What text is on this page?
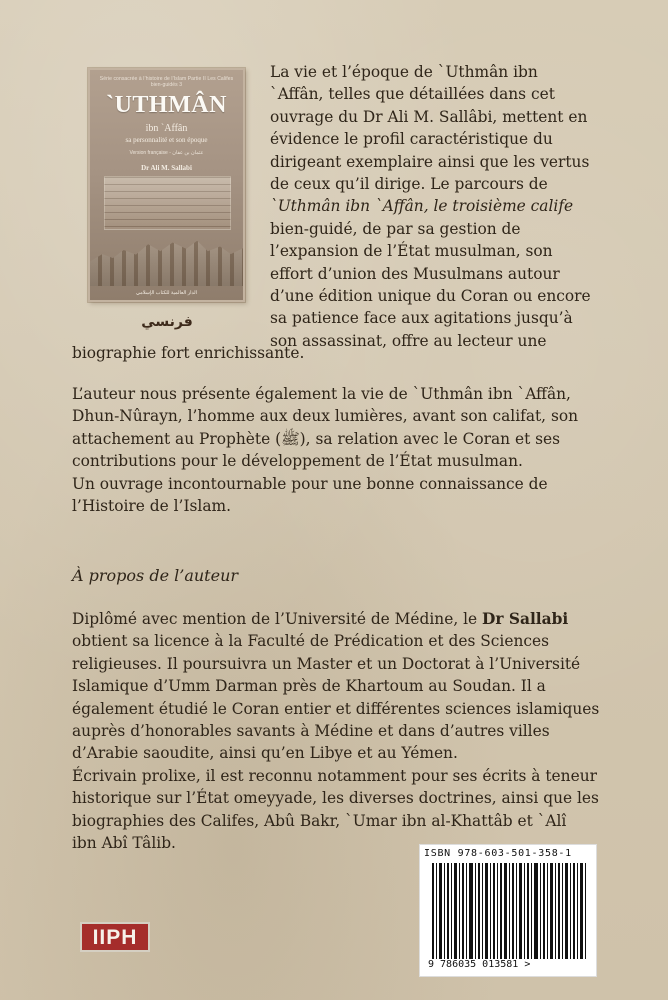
Série consacrée à l’histoire de l’Islam Partie II Les Califes bien-guidés 3
`UTHMÂN
ibn `Affân
sa personnalité et son époque
Version française - عثمان بن عفان
Dr Ali M. Sallabi
الدار العالمية للكتاب الإسلامي
فرنسي
La vie et l’époque de `Uthmân ibn
`Affân, telles que détaillées dans cet
ouvrage du Dr Ali M. Sallâbi, mettent en
évidence le profil caractéristique du
dirigeant exemplaire ainsi que les vertus
de ceux qu’il dirige. Le parcours de
`Uthmân ibn `Affân, le troisième calife
bien-guidé, de par sa gestion de
l’expansion de l’État musulman, son
effort d’union des Musulmans autour
d’une édition unique du Coran ou encore
sa patience face aux agitations jusqu’à
son assassinat, offre au lecteur une
biographie fort enrichissante.
L’auteur nous présente également la vie de `Uthmân ibn `Affân,
Dhun-Nûrayn, l’homme aux deux lumières, avant son califat, son
attachement au Prophète (ﷺ), sa relation avec le Coran et ses
contributions pour le développement de l’État musulman.
Un ouvrage incontournable pour une bonne connaissance de
l’Histoire de l’Islam.
À propos de l’auteur
Diplômé avec mention de l’Université de Médine, le Dr Sallabi
obtient sa licence à la Faculté de Prédication et des Sciences
religieuses. Il poursuivra un Master et un Doctorat à l’Université
Islamique d’Umm Darman près de Khartoum au Soudan. Il a
également étudié le Coran entier et différentes sciences islamiques
auprès d’honorables savants à Médine et dans d’autres villes
d’Arabie saoudite, ainsi qu’en Libye et au Yémen.
Écrivain prolixe, il est reconnu notamment pour ses écrits à teneur
historique sur l’État omeyyade, les diverses doctrines, ainsi que les
biographies des Califes, Abû Bakr, `Umar ibn al-Khattâb et `Alî
ibn Abî Tâlib.
ISBN 978-603-501-358-1
9 786035 013581 >
IIPH
